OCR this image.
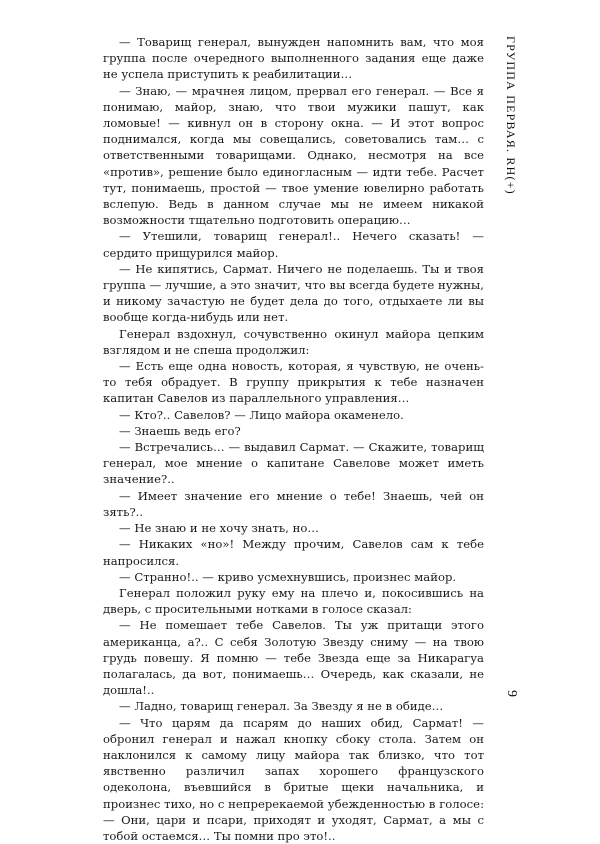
— Товарищ генерал, вынужден напомнить вам, что моя группа после очередного выполненного задания еще даже не успела приступить к реабилитации…

— Знаю, — мрачнея лицом, прервал его генерал. — Все я понимаю, майор, знаю, что твои мужики пашут, как ломовые! — кивнул он в сторону окна. — И этот вопрос поднимался, когда мы совещались, советовались там… с ответственными товарищами. Однако, несмотря на все «против», решение было единогласным — идти тебе. Расчет тут, понимаешь, простой — твое умение ювелирно работать вслепую. Ведь в данном случае мы не имеем никакой возможности тщательно подготовить операцию…

— Утешили, товарищ генерал!.. Нечего сказать! — сердито прищурился майор.

— Не кипятись, Сармат. Ничего не поделаешь. Ты и твоя группа — лучшие, а это значит, что вы всегда будете нужны, и никому зачастую не будет дела до того, отдыхаете ли вы вообще когда-нибудь или нет.

Генерал вздохнул, сочувственно окинул майора цепким взглядом и не спеша продолжил:

— Есть еще одна новость, которая, я чувствую, не очень-то тебя обрадует. В группу прикрытия к тебе назначен капитан Савелов из параллельного управления…

— Кто?.. Савелов? — Лицо майора окаменело.

— Знаешь ведь его?

— Встречались… — выдавил Сармат. — Скажите, товарищ генерал, мое мнение о капитане Савелове может иметь значение?..

— Имеет значение его мнение о тебе! Знаешь, чей он зять?..

— Не знаю и не хочу знать, но…

— Никаких «но»! Между прочим, Савелов сам к тебе напросился.

— Странно!.. — криво усмехнувшись, произнес майор.

Генерал положил руку ему на плечо и, покосившись на дверь, с просительными нотками в голосе сказал:

— Не помешает тебе Савелов. Ты уж притащи этого американца, а?.. С себя Золотую Звезду сниму — на твою грудь повешу. Я помню — тебе Звезда еще за Никарагуа полагалась, да вот, понимаешь… Очередь, как сказали, не дошла!..

— Ладно, товарищ генерал. За Звезду я не в обиде…

— Что царям да псарям до наших обид, Сармат! — обронил генерал и нажал кнопку сбоку стола. Затем он наклонился к самому лицу майора так близко, что тот явственно различил запах хорошего французского одеколона, въевшийся в бритые щеки начальника, и произнес тихо, но с непререкаемой убежденностью в голосе: — Они, цари и псари, приходят и уходят, Сармат, а мы с тобой остаемся… Ты помни про это!..

ГРУППА ПЕРВАЯ. RH(+)
9
